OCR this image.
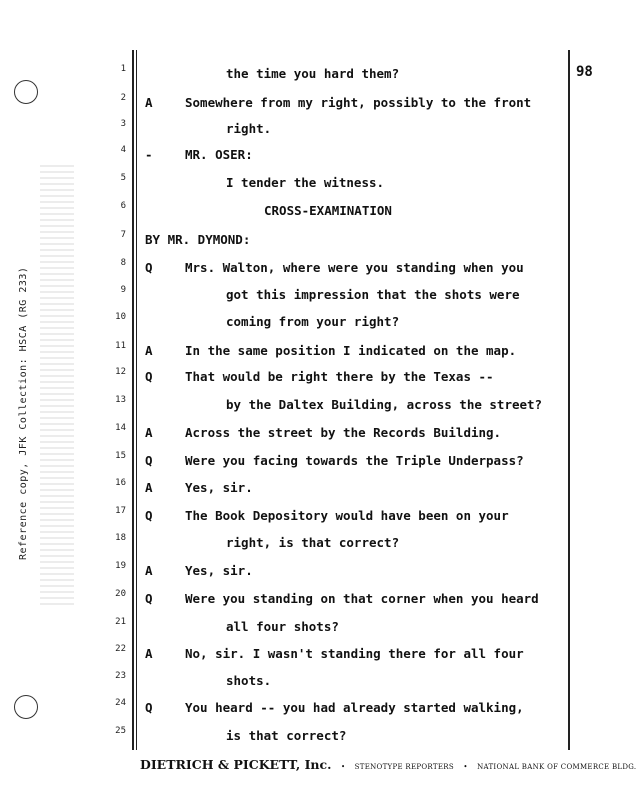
Reference copy, JFK Collection: HSCA (RG 233)
98
1	the time you hard them?
2 A	Somewhere from my right, possibly to the front
3	right.
4 -	MR. OSER:
5	I tender the witness.
6	CROSS-EXAMINATION
7 BY MR. DYMOND:
8 Q	Mrs. Walton, where were you standing when you
9	got this impression that the shots were
10	coming from your right?
11 A	In the same position I indicated on the map.
12 Q	That would be right there by the Texas --
13	by the Daltex Building, across the street?
14 A	Across the street by the Records Building.
15 Q	Were you facing towards the Triple Underpass?
16 A	Yes, sir.
17 Q	The Book Depository would have been on your
18	right, is that correct?
19 A	Yes, sir.
20 Q	Were you standing on that corner when you heard
21	all four shots?
22 A	No, sir. I wasn't standing there for all four
23	shots.
24 Q	You heard -- you had already started walking,
25	is that correct?
DIETRICH & PICKETT, Inc. • STENOTYPE REPORTERS • NATIONAL BANK OF COMMERCE BLDG.
